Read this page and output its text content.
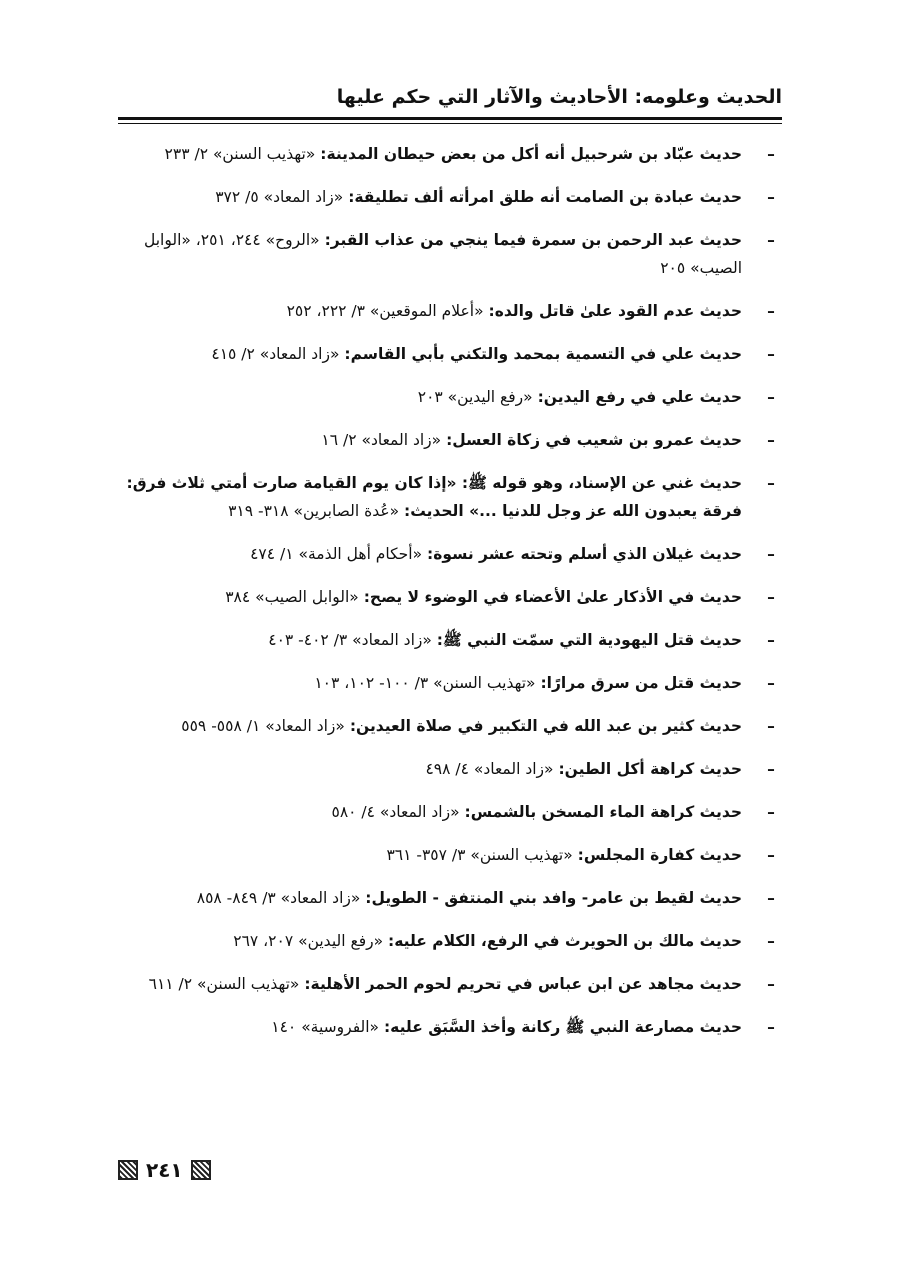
الحديث وعلومه: الأحاديث والآثار التي حكم عليها
–
حديث عبّاد بن شرحبيل أنه أكل من بعض حيطان المدينة: «تهذيب السنن» ٢/ ٢٣٣
–
حديث عبادة بن الصامت أنه طلق امرأته ألف تطليقة: «زاد المعاد» ٥/ ٣٧٢
–
حديث عبد الرحمن بن سمرة فيما ينجي من عذاب القبر: «الروح» ٢٤٤، ٢٥١، «الوابل الصيب» ٢٠٥
–
حديث عدم القود علىٰ قاتل والده: «أعلام الموقعين» ٣/ ٢٢٢، ٢٥٢
–
حديث علي في التسمية بمحمد والتكني بأبي القاسم: «زاد المعاد» ٢/ ٤١٥
–
حديث علي في رفع اليدين: «رفع اليدين» ٢٠٣
–
حديث عمرو بن شعيب في زكاة العسل: «زاد المعاد» ٢/ ١٦
–
حديث غني عن الإسناد، وهو قوله ﷺ: «إذا كان يوم القيامة صارت أمتي ثلاث فرق: فرقة يعبدون الله عز وجل للدنيا ...» الحديث: «عُدة الصابرين» ٣١٨- ٣١٩
–
حديث غيلان الذي أسلم وتحته عشر نسوة: «أحكام أهل الذمة» ١/ ٤٧٤
–
حديث في الأذكار علىٰ الأعضاء في الوضوء لا يصح: «الوابل الصيب» ٣٨٤
–
حديث قتل اليهودية التي سمّت النبي ﷺ: «زاد المعاد» ٣/ ٤٠٢- ٤٠٣
–
حديث قتل من سرق مرارًا: «تهذيب السنن» ٣/ ١٠٠- ١٠٢، ١٠٣
–
حديث كثير بن عبد الله في التكبير في صلاة العيدين: «زاد المعاد» ١/ ٥٥٨- ٥٥٩
–
حديث كراهة أكل الطين: «زاد المعاد» ٤/ ٤٩٨
–
حديث كراهة الماء المسخن بالشمس: «زاد المعاد» ٤/ ٥٨٠
–
حديث كفارة المجلس: «تهذيب السنن» ٣/ ٣٥٧- ٣٦١
–
حديث لقيط بن عامر- وافد بني المنتفق - الطويل: «زاد المعاد» ٣/ ٨٤٩- ٨٥٨
–
حديث مالك بن الحويرث في الرفع، الكلام عليه: «رفع اليدين» ٢٠٧، ٢٦٧
–
حديث مجاهد عن ابن عباس في تحريم لحوم الحمر الأهلية: «تهذيب السنن» ٢/ ٦١١
–
حديث مصارعة النبي ﷺ ركانة وأخذ السَّبَق عليه: «الفروسية» ١٤٠
٢٤١
